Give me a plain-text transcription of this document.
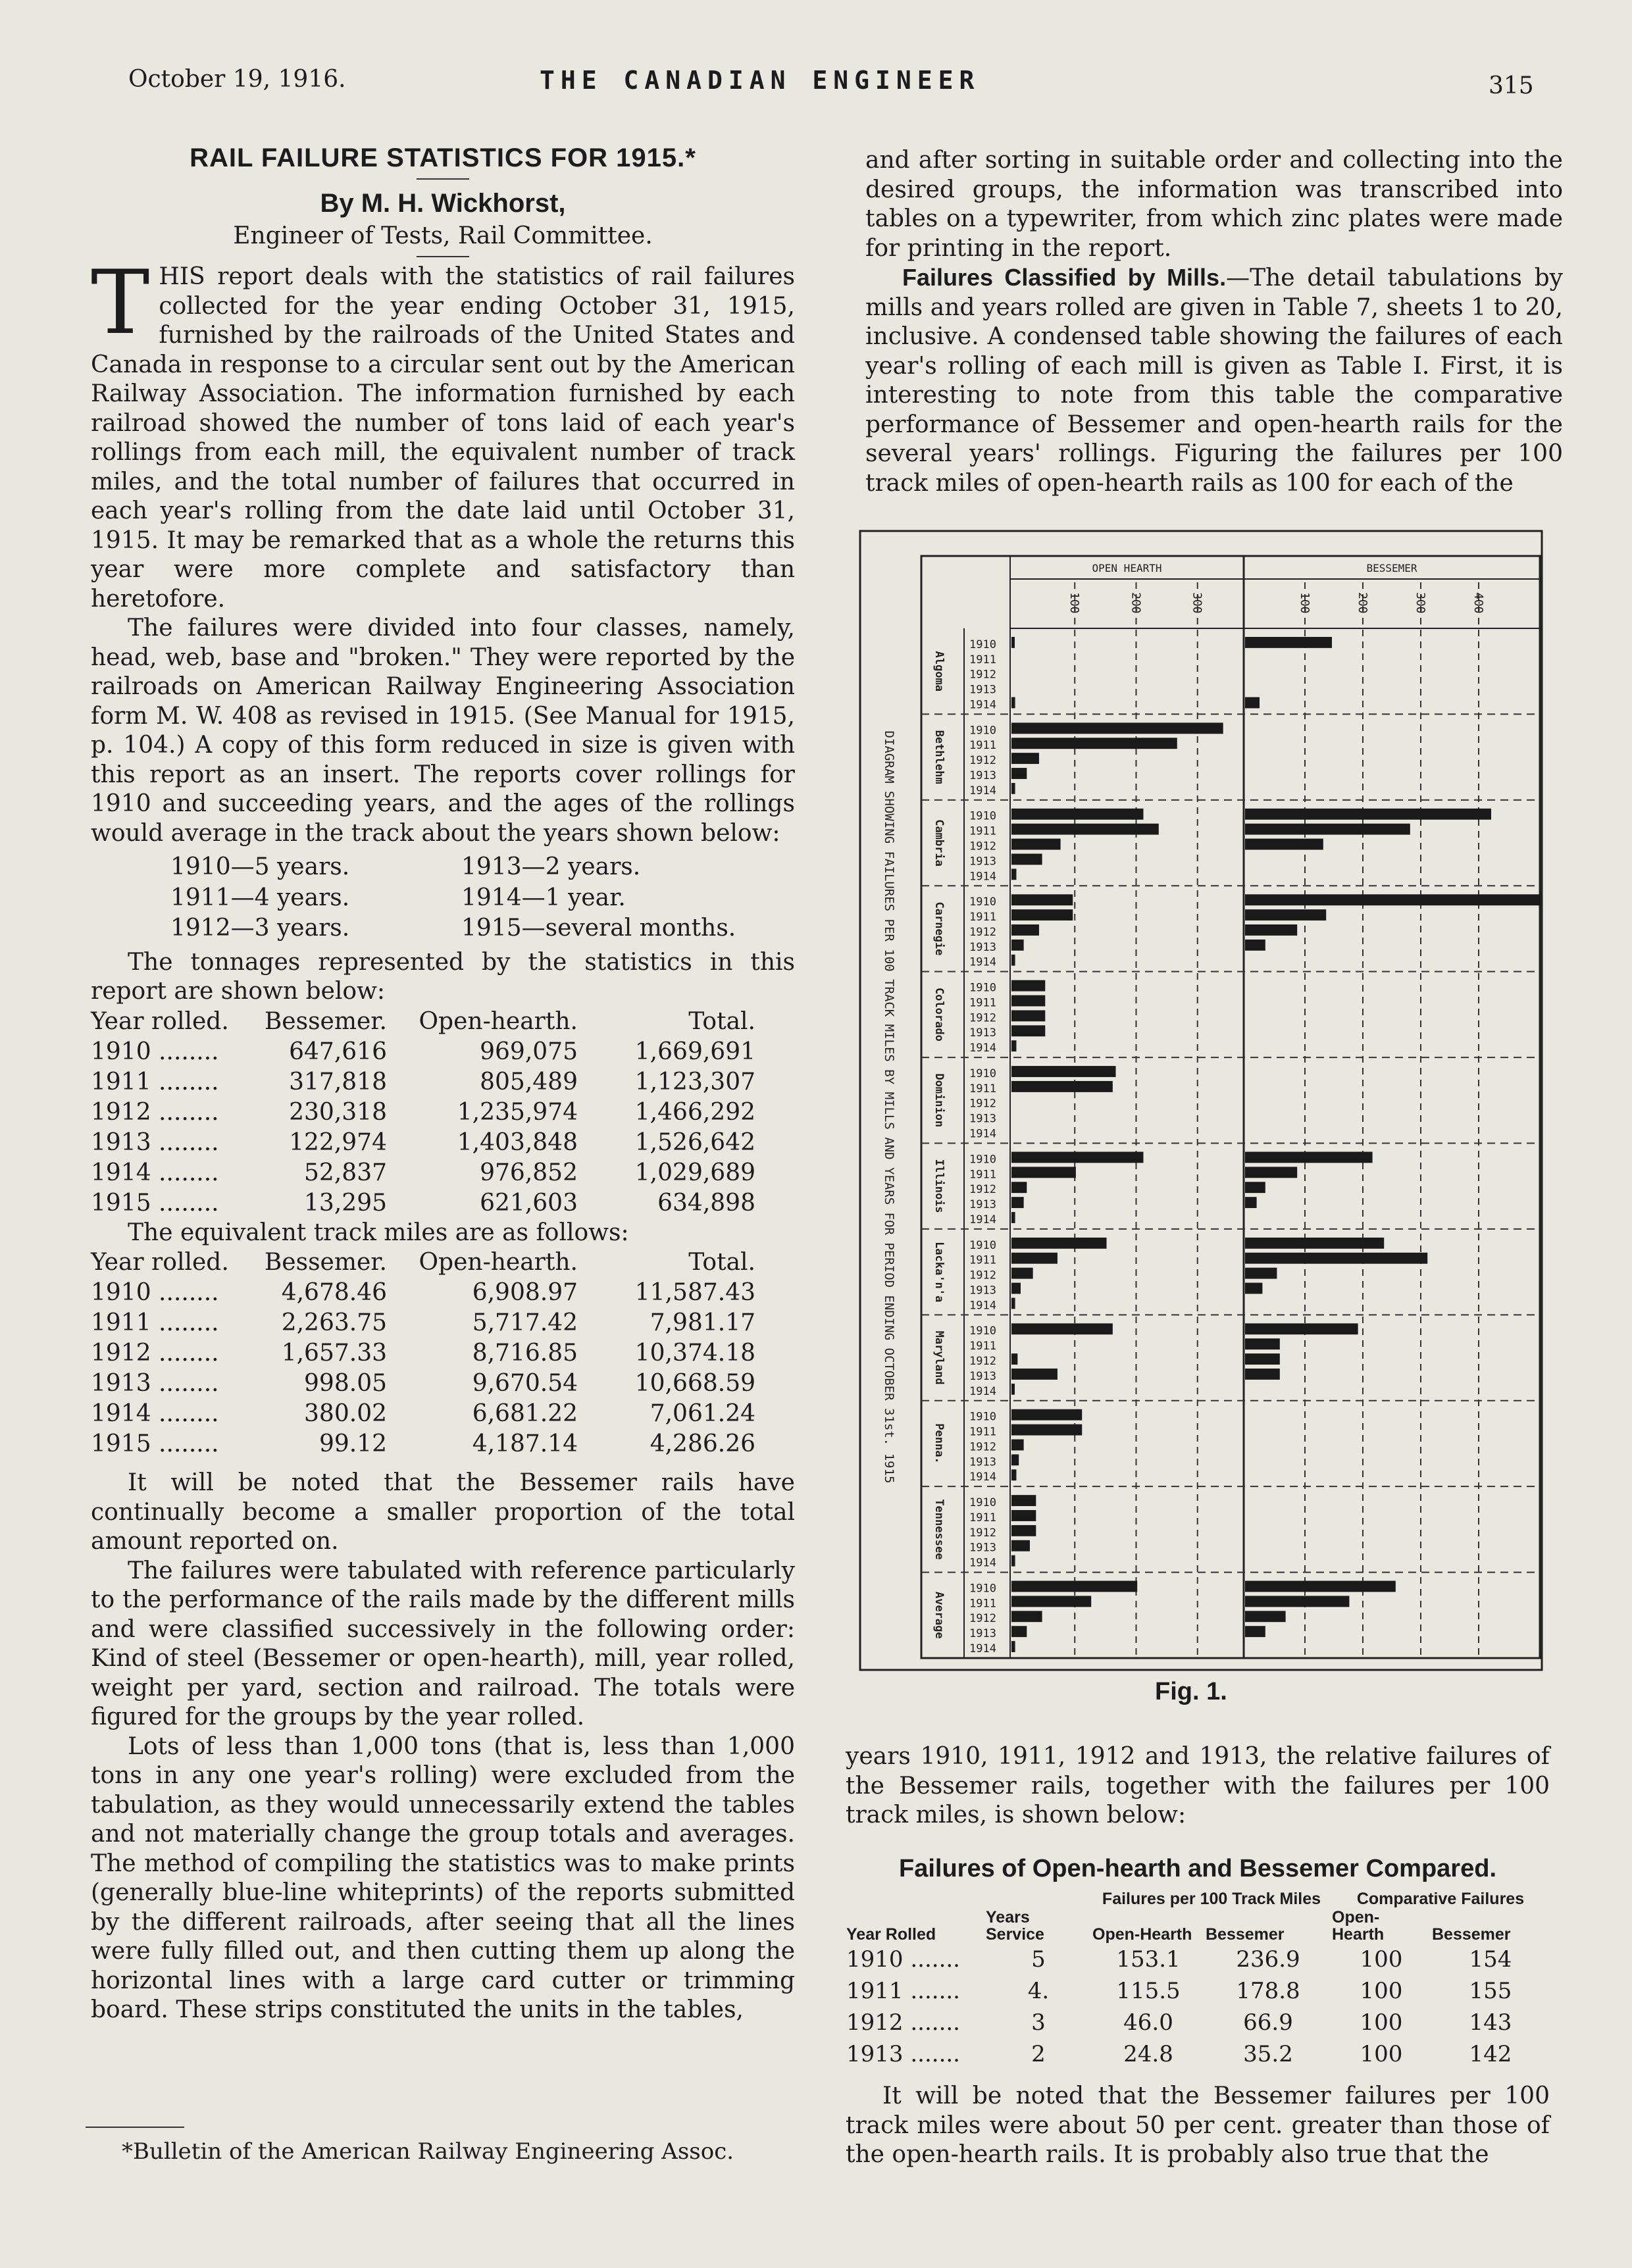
October 19, 1916.	THE CANADIAN ENGINEER	315
RAIL FAILURE STATISTICS FOR 1915.*
By M. H. Wickhorst,
Engineer of Tests, Rail Committee.

THIS report deals with the statistics of rail failures collected for the year ending October 31, 1915, furnished by the railroads of the United States and Canada in response to a circular sent out by the American Railway Association. The information furnished by each railroad showed the number of tons laid of each year's rollings from each mill, the equivalent number of track miles, and the total number of failures that occurred in each year's rolling from the date laid until October 31, 1915. It may be remarked that as a whole the returns this year were more complete and satisfactory than heretofore.

The failures were divided into four classes, namely, head, web, base and "broken." They were reported by the railroads on American Railway Engineering Association form M. W. 408 as revised in 1915. (See Manual for 1915, p. 104.) A copy of this form reduced in size is given with this report as an insert. The reports cover rollings for 1910 and succeeding years, and the ages of the rollings would average in the track about the years shown below:

1910—5 years.	1913—2 years.
1911—4 years.	1914—1 year.
1912—3 years.	1915—several months.

The tonnages represented by the statistics in this report are shown below:

Year rolled.	Bessemer.	Open-hearth.	Total.
1910 ........	647,616	969,075	1,669,691
1911 ........	317,818	805,489	1,123,307
1912 ........	230,318	1,235,974	1,466,292
1913 ........	122,974	1,403,848	1,526,642
1914 ........	52,837	976,852	1,029,689
1915 ........	13,295	621,603	634,898

The equivalent track miles are as follows:

Year rolled.	Bessemer.	Open-hearth.	Total.
1910 ........	4,678.46	6,908.97	11,587.43
1911 ........	2,263.75	5,717.42	7,981.17
1912 ........	1,657.33	8,716.85	10,374.18
1913 ........	998.05	9,670.54	10,668.59
1914 ........	380.02	6,681.22	7,061.24
1915 ........	99.12	4,187.14	4,286.26

It will be noted that the Bessemer rails have continually become a smaller proportion of the total amount reported on.

The failures were tabulated with reference particularly to the performance of the rails made by the different mills and were classified successively in the following order: Kind of steel (Bessemer or open-hearth), mill, year rolled, weight per yard, section and railroad. The totals were figured for the groups by the year rolled.

Lots of less than 1,000 tons (that is, less than 1,000 tons in any one year's rolling) were excluded from the tabulation, as they would unnecessarily extend the tables and not materially change the group totals and averages. The method of compiling the statistics was to make prints (generally blue-line whiteprints) of the reports submitted by the different railroads, after seeing that all the lines were fully filled out, and then cutting them up along the horizontal lines with a large card cutter or trimming board. These strips constituted the units in the tables,

*Bulletin of the American Railway Engineering Assoc.

and after sorting in suitable order and collecting into the desired groups, the information was transcribed into tables on a typewriter, from which zinc plates were made for printing in the report.

Failures Classified by Mills.—The detail tabulations by mills and years rolled are given in Table 7, sheets 1 to 20, inclusive. A condensed table showing the failures of each year's rolling of each mill is given as Table I. First, it is interesting to note from this table the comparative performance of Bessemer and open-hearth rails for the several years' rollings. Figuring the failures per 100 track miles of open-hearth rails as 100 for each of the

OPEN HEARTH	BESSEMER
DIAGRAM SHOWING FAILURES PER 100 TRACK MILES BY MILLS AND YEARS FOR PERIOD ENDING OCTOBER 31st. 1915
100	200	300	100	200	300	400
Algoma
1910
1911
1912
1913
1914
Bethlehm 1910
1911
1912
1913
1914
Cambria
1910
1911
1912
1913
1914
Carnegie 1910
1911
1912
1913
1914
Colorado 1910
1911
1912
1913
1914
Dominion 1910
1911
1912
1913
1914
Illinois 1910
1911
1912
1913
1914
Lacka'n'a 1910
1911
1912
1913
1914
Maryland 1910
1911
1912
1913
1914
Penna.
1910
1911
1912
1913
1914
Tennessee 1910
1911
1912
1913
1914
Average
1910
1911
1912
1913
1914
Fig. 1.

years 1910, 1911, 1912 and 1913, the relative failures of the Bessemer rails, together with the failures per 100 track miles, is shown below:

Failures of Open-hearth and Bessemer Compared.
		Failures per 100 Track Miles		Comparative Failures	
Year Rolled	Years Service	Open-Hearth	Bessemer	Open-Hearth	Bessemer
1910 .......	5	153.1	236.9	100	154
1911 .......	4.	115.5	178.8	100	155
1912 .......	3	46.0	66.9	100	143
1913 .......	2	24.8	35.2	100	142

It will be noted that the Bessemer failures per 100 track miles were about 50 per cent. greater than those of the open-hearth rails. It is probably also true that the
